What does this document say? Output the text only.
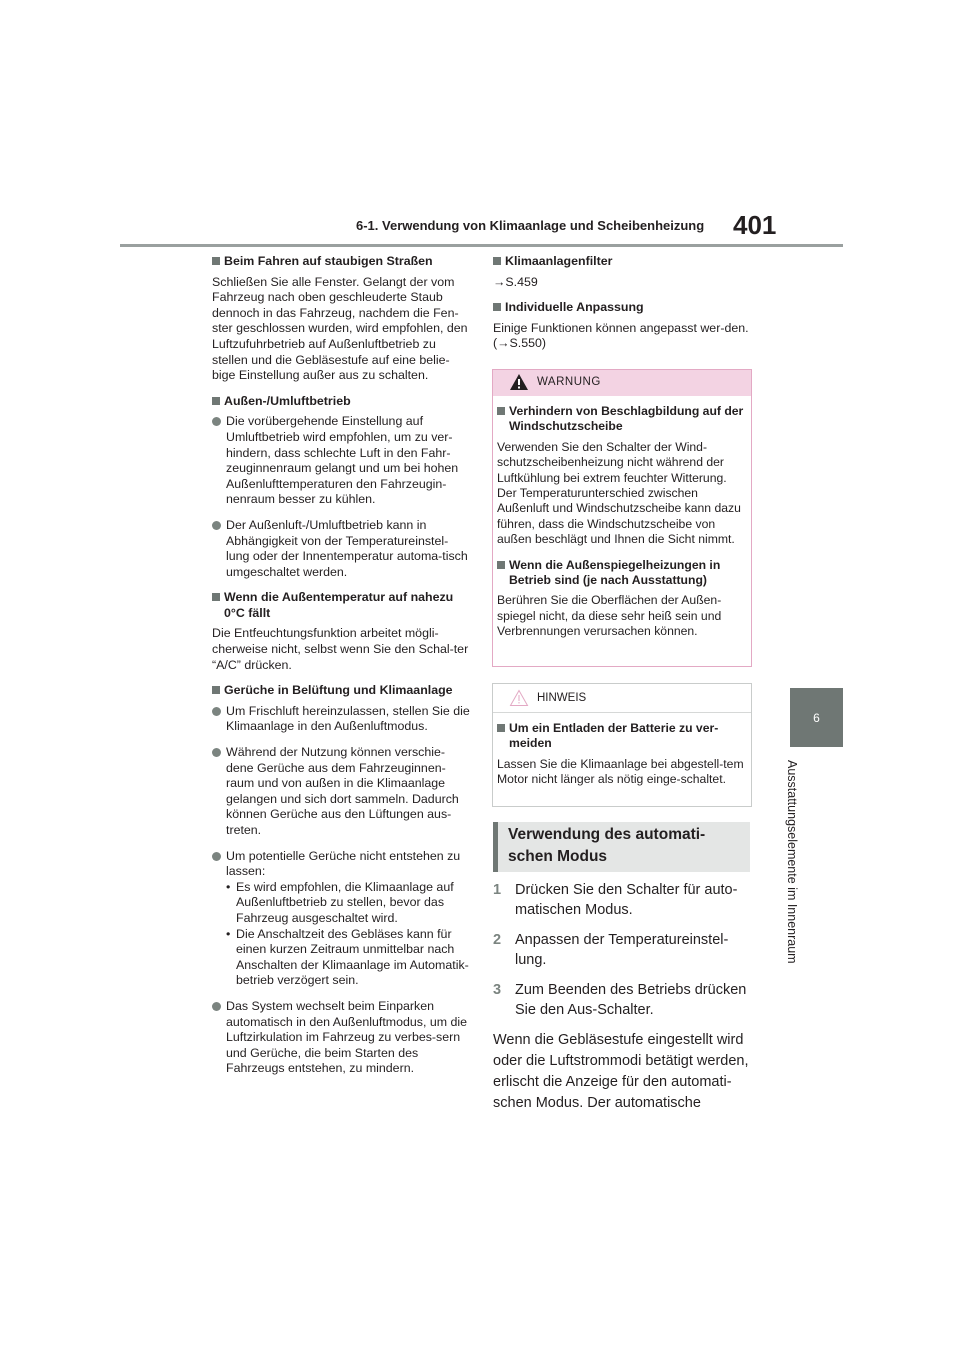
6-1. Verwendung von Klimaanlage und Scheibenheizung 401
6
Ausstattungselemente im Innenraum
Beim Fahren auf staubigen Straßen
Schließen Sie alle Fenster. Gelangt der vom Fahrzeug nach oben geschleuderte Staub dennoch in das Fahrzeug, nachdem die Fen-ster geschlossen wurden, wird empfohlen, den Luftzufuhrbetrieb auf Außenluftbetrieb zu stellen und die Gebläsestufe auf eine belie-bige Einstellung außer aus zu schalten.
Außen-/Umluftbetrieb
Die vorübergehende Einstellung auf Umluftbetrieb wird empfohlen, um zu ver-hindern, dass schlechte Luft in den Fahr-zeuginnenraum gelangt und um bei hohen Außenlufttemperaturen den Fahrzeugin-nenraum besser zu kühlen.
Der Außenluft-/Umluftbetrieb kann in Abhängigkeit von der Temperatureinstel-lung oder der Innentemperatur automa-tisch umgeschaltet werden.
Wenn die Außentemperatur auf nahezu 0°C fällt
Die Entfeuchtungsfunktion arbeitet mögli-cherweise nicht, selbst wenn Sie den Schal-ter “A/C” drücken.
Gerüche in Belüftung und Klimaanlage
Um Frischluft hereinzulassen, stellen Sie die Klimaanlage in den Außenluftmodus.
Während der Nutzung können verschie-dene Gerüche aus dem Fahrzeuginnen-raum und von außen in die Klimaanlage gelangen und sich dort sammeln. Dadurch können Gerüche aus den Lüftungen aus-treten.
Um potentielle Gerüche nicht entstehen zu lassen:
• Es wird empfohlen, die Klimaanlage auf Außenluftbetrieb zu stellen, bevor das Fahrzeug ausgeschaltet wird.
• Die Anschaltzeit des Gebläses kann für einen kurzen Zeitraum unmittelbar nach Anschalten der Klimaanlage im Automatik-betrieb verzögert sein.
Das System wechselt beim Einparken automatisch in den Außenluftmodus, um die Luftzirkulation im Fahrzeug zu verbes-sern und Gerüche, die beim Starten des Fahrzeugs entstehen, zu mindern.
Klimaanlagenfilter
→S.459
Individuelle Anpassung
Einige Funktionen können angepasst wer-den. (→S.550)
WARNUNG
Verhindern von Beschlagbildung auf der Windschutzscheibe
Verwenden Sie den Schalter der Wind-schutzscheibenheizung nicht während der Luftkühlung bei extrem feuchter Witterung. Der Temperaturunterschied zwischen Außenluft und Windschutzscheibe kann dazu führen, dass die Windschutzscheibe von außen beschlägt und Ihnen die Sicht nimmt.
Wenn die Außenspiegelheizungen in Betrieb sind (je nach Ausstattung)
Berühren Sie die Oberflächen der Außen-spiegel nicht, da diese sehr heiß sein und Verbrennungen verursachen können.
HINWEIS
Um ein Entladen der Batterie zu ver-meiden
Lassen Sie die Klimaanlage bei abgestell-tem Motor nicht länger als nötig einge-schaltet.
Verwendung des automati-schen Modus
1 Drücken Sie den Schalter für auto-matischen Modus.
2 Anpassen der Temperatureinstel-lung.
3 Zum Beenden des Betriebs drücken Sie den Aus-Schalter.
Wenn die Gebläsestufe eingestellt wird oder die Luftstrommodi betätigt werden, erlischt die Anzeige für den automati-schen Modus. Der automatische
